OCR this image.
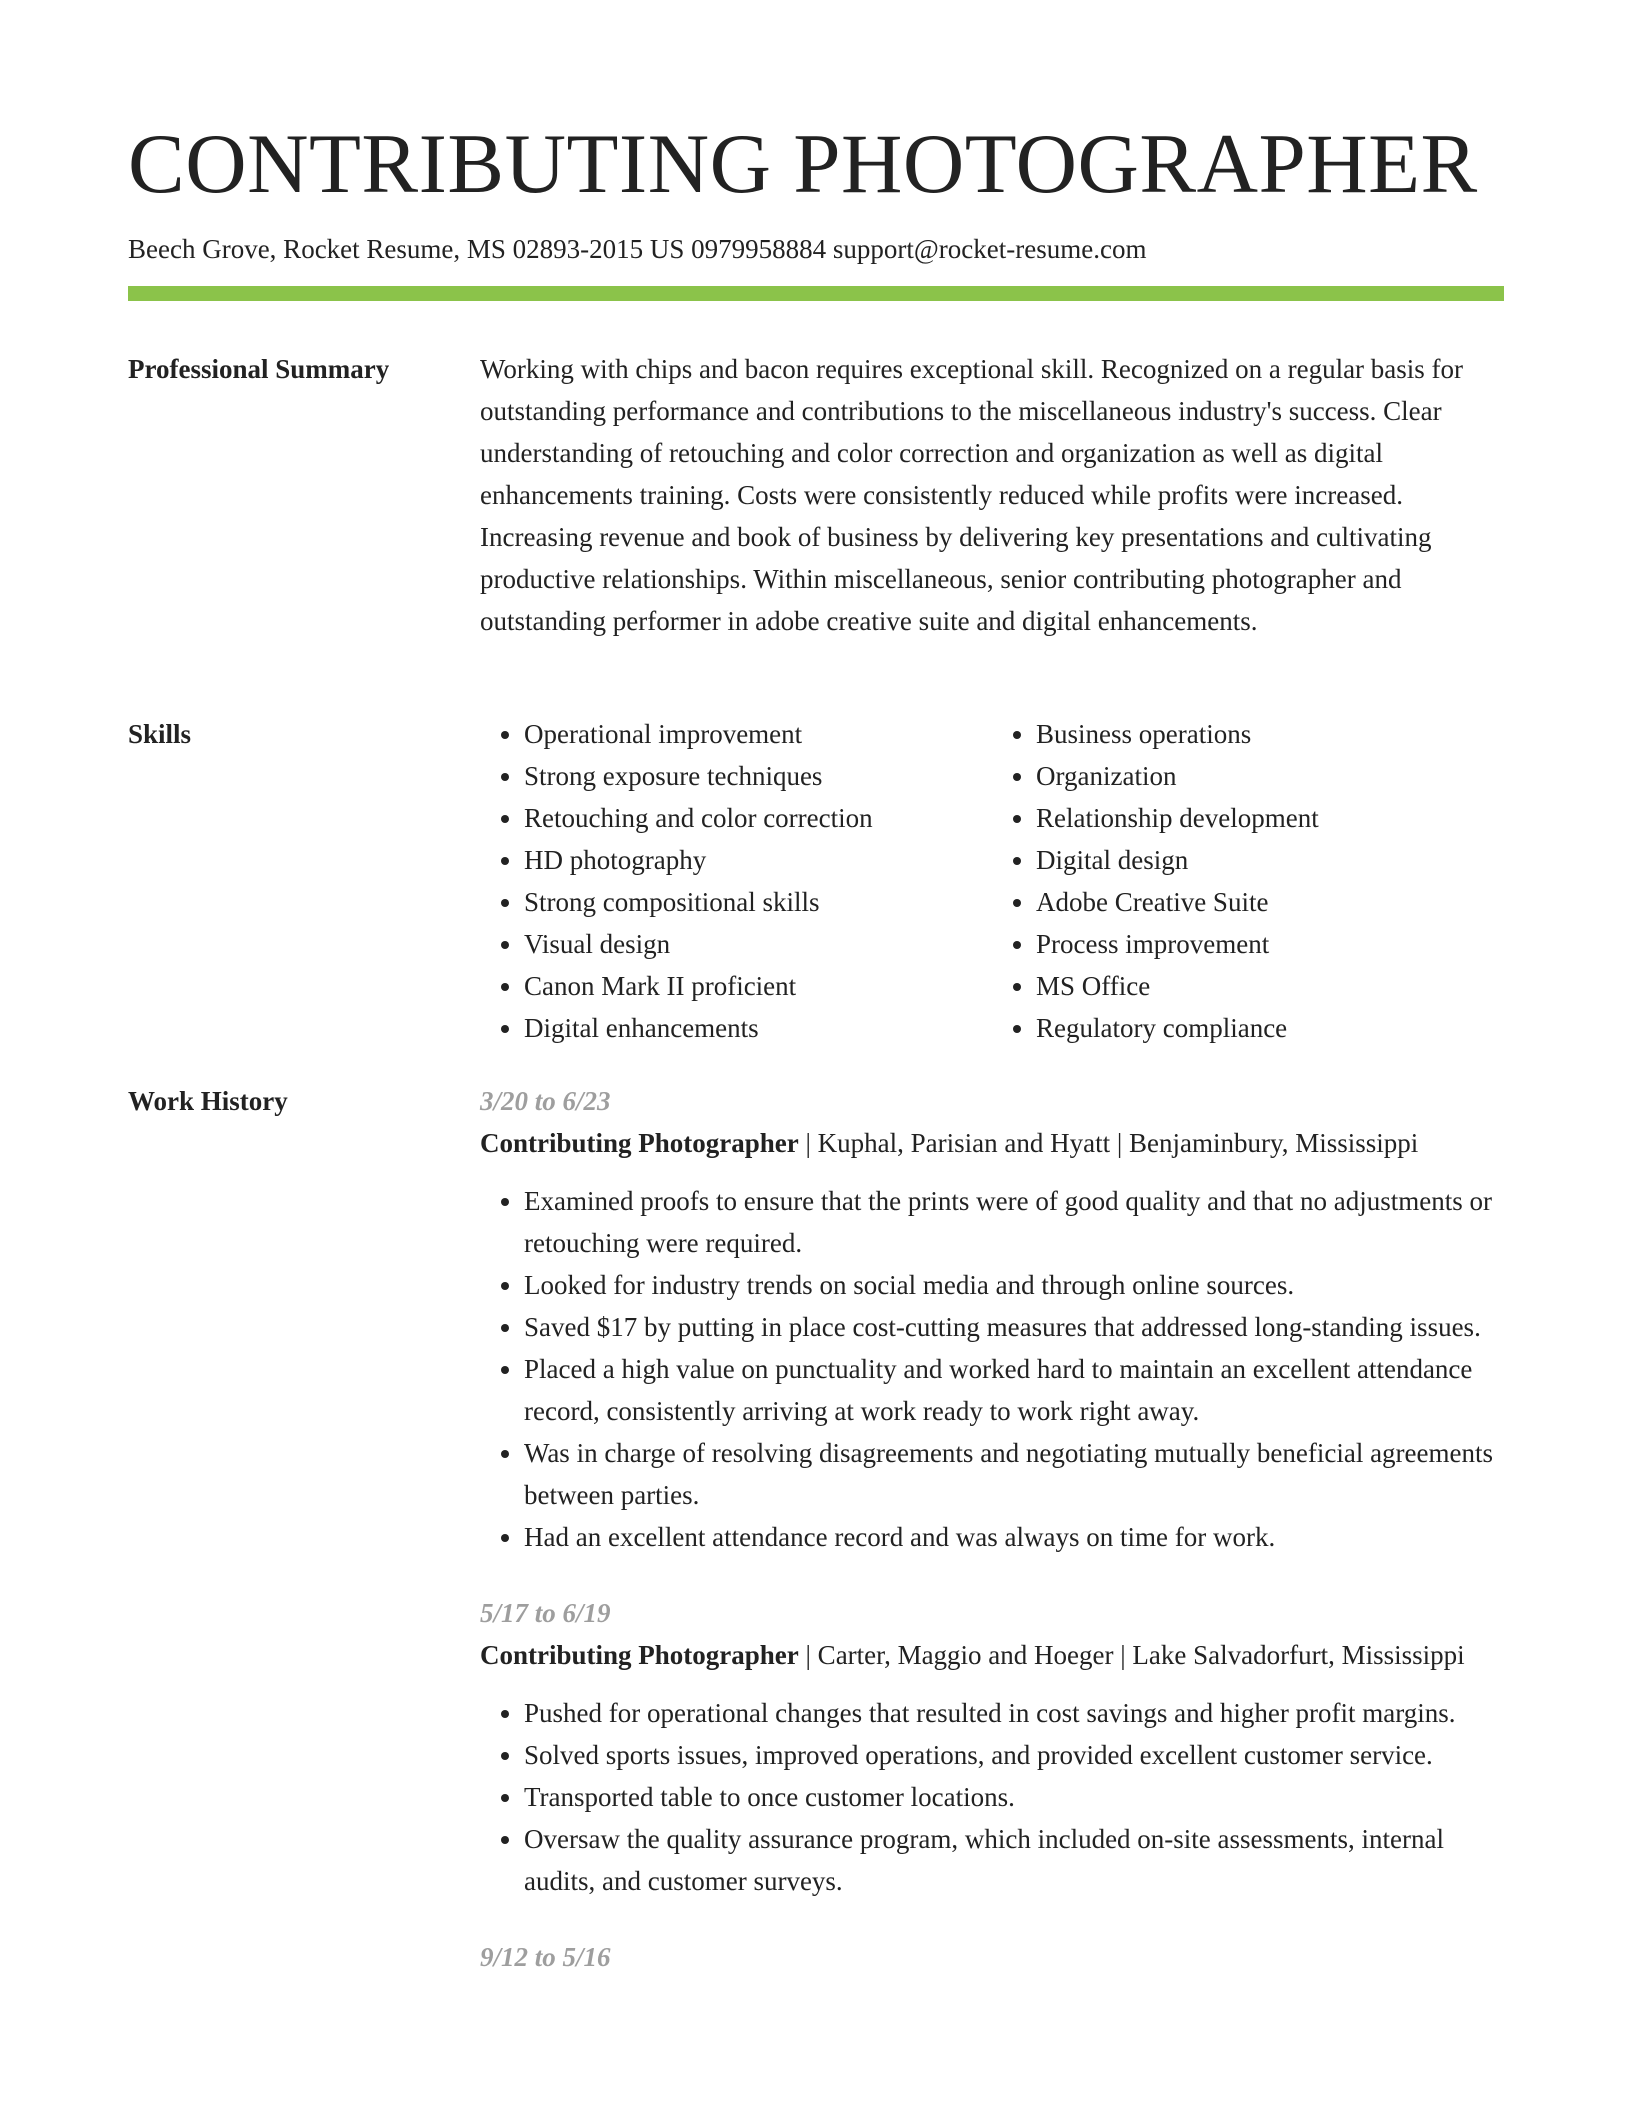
CONTRIBUTING PHOTOGRAPHER
Beech Grove, Rocket Resume, MS 02893-2015 US 0979958884 support@rocket-resume.com
Professional Summary	Working with chips and bacon requires exceptional skill. Recognized on a regular basis for outstanding performance and contributions to the miscellaneous industry's success. Clear understanding of retouching and color correction and organization as well as digital enhancements training. Costs were consistently reduced while profits were increased. Increasing revenue and book of business by delivering key presentations and cultivating productive relationships. Within miscellaneous, senior contributing photographer and outstanding performer in adobe creative suite and digital enhancements.

Skills
•	Operational improvement
• Strong exposure techniques
• Retouching and color correction
• HD photography
• Strong compositional skills
• Visual design
• Canon Mark II proficient
• Digital enhancements
• Business operations
• Organization
• Relationship development
• Digital design
• Adobe Creative Suite
• Process improvement
• MS Office
• Regulatory compliance
Work History	3/20 to 6/23
Contributing Photographer | Kuphal, Parisian and Hyatt | Benjaminbury, Mississippi
• Examined proofs to ensure that the prints were of good quality and that no adjustments or retouching were required.
• Looked for industry trends on social media and through online sources.
• Saved $17 by putting in place cost-cutting measures that addressed long-standing issues.
• Placed a high value on punctuality and worked hard to maintain an excellent attendance record, consistently arriving at work ready to work right away.
• Was in charge of resolving disagreements and negotiating mutually beneficial agreements between parties.
• Had an excellent attendance record and was always on time for work.
5/17 to 6/19
Contributing Photographer | Carter, Maggio and Hoeger | Lake Salvadorfurt, Mississippi
• Pushed for operational changes that resulted in cost savings and higher profit margins.
• Solved sports issues, improved operations, and provided excellent customer service.
• Transported table to once customer locations.
• Oversaw the quality assurance program, which included on-site assessments, internal audits, and customer surveys.
9/12 to 5/16
